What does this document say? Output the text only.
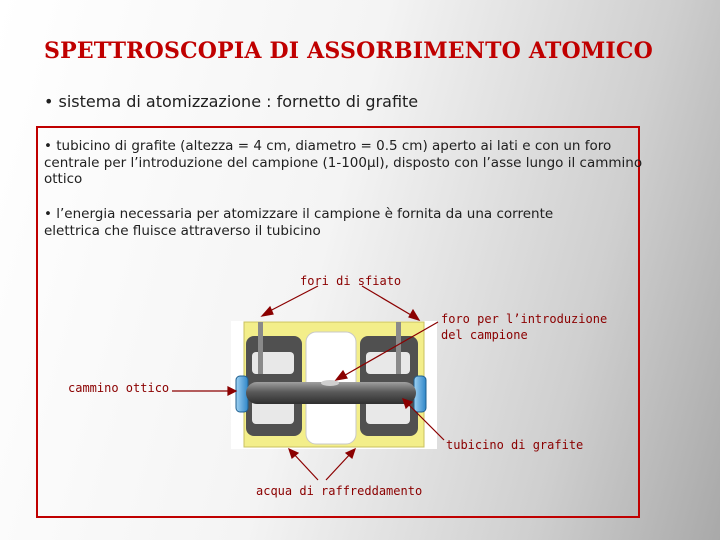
SPETTROSCOPIA DI ASSORBIMENTO ATOMICO
• sistema di atomizzazione : fornetto di grafite
• tubicino di grafite (altezza = 4 cm, diametro = 0.5 cm) aperto ai lati e con un foro centrale per l’introduzione del campione (1-100µl), disposto con l’asse lungo il cammino ottico
• l’energia necessaria per atomizzare il campione è fornita da una corrente elettrica che fluisce attraverso il tubicino
fori di sfiato
foro per l’introduzione
del campione
cammino ottico
tubicino di grafite
acqua di raffreddamento
